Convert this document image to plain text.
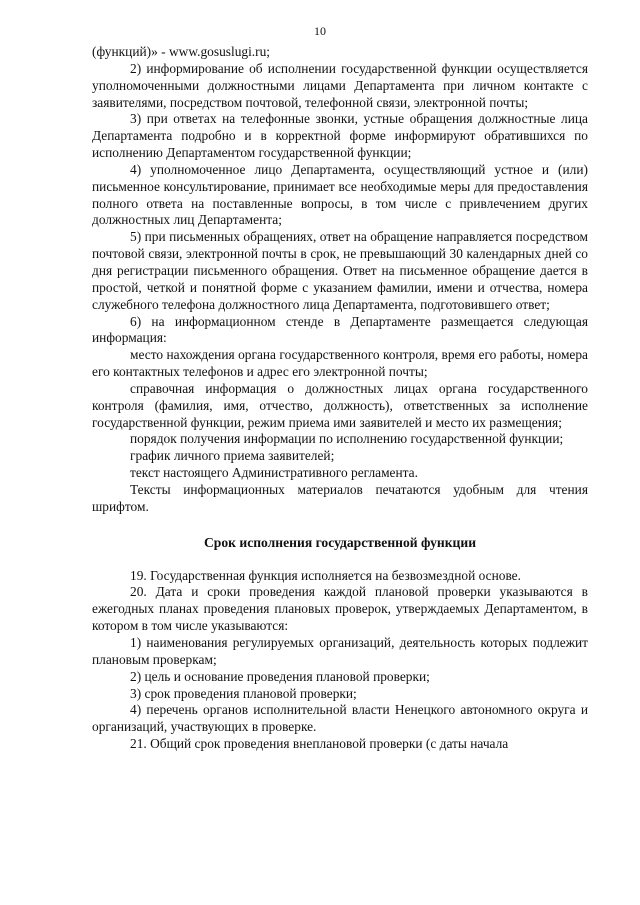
10

(функций)» - www.gosuslugi.ru;

2) информирование об исполнении государственной функции осуществляется уполномоченными должностными лицами Департамента при личном контакте с заявителями, посредством почтовой, телефонной связи, электронной почты;

3) при ответах на телефонные звонки, устные обращения должностные лица Департамента подробно и в корректной форме информируют обратившихся по исполнению Департаментом государственной функции;

4) уполномоченное лицо Департамента, осуществляющий устное и (или) письменное консультирование, принимает все необходимые меры для предоставления полного ответа на поставленные вопросы, в том числе с привлечением других должностных лиц Департамента;

5) при письменных обращениях, ответ на обращение направляется посредством почтовой связи, электронной почты в срок, не превышающий 30 календарных дней со дня регистрации письменного обращения. Ответ на письменное обращение дается в простой, четкой и понятной форме с указанием фамилии, имени и отчества, номера служебного телефона должностного лица Департамента, подготовившего ответ;

6) на информационном стенде в Департаменте размещается следующая информация:

место нахождения органа государственного контроля, время его работы, номера его контактных телефонов и адрес его электронной почты;

справочная информация о должностных лицах органа государственного контроля (фамилия, имя, отчество, должность), ответственных за исполнение государственной функции, режим приема ими заявителей и место их размещения;

порядок получения информации по исполнению государственной функции;

график личного приема заявителей;

текст настоящего Административного регламента.

Тексты информационных материалов печатаются удобным для чтения шрифтом.

Срок исполнения государственной функции

19. Государственная функция исполняется на безвозмездной основе.

20. Дата и сроки проведения каждой плановой проверки указываются в ежегодных планах проведения плановых проверок, утверждаемых Департаментом, в котором в том числе указываются:

1) наименования регулируемых организаций, деятельность которых подлежит плановым проверкам;

2) цель и основание проведения плановой проверки;

3) срок проведения плановой проверки;

4) перечень органов исполнительной власти Ненецкого автономного округа и организаций, участвующих в проверке.

21. Общий срок проведения внеплановой проверки (с даты начала
